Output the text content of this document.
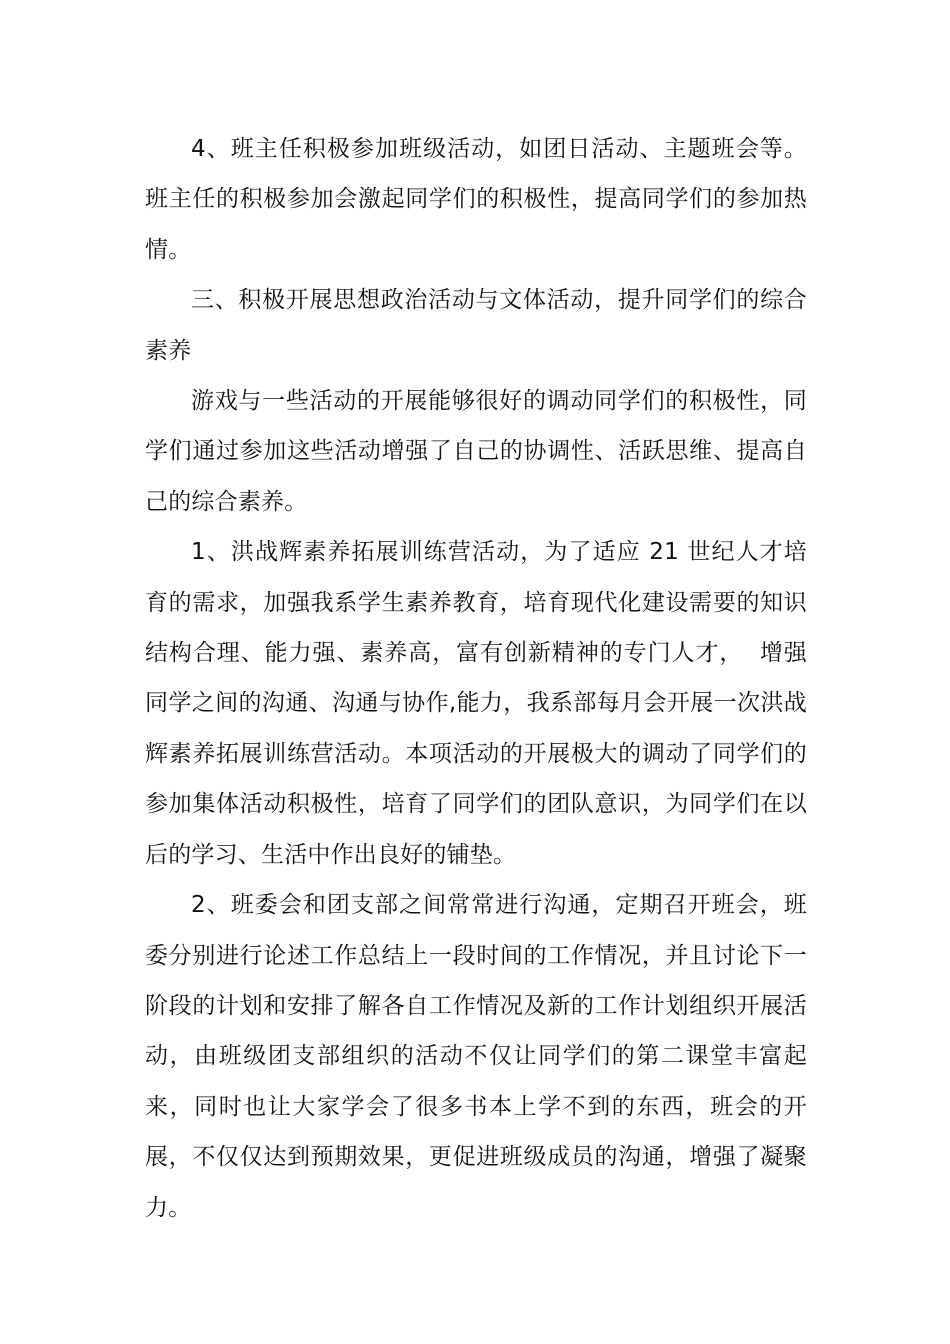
4、班主任积极参加班级活动，如团日活动、主题班会等。班主任的积极参加会激起同学们的积极性，提高同学们的参加热情。

三、积极开展思想政治活动与文体活动，提升同学们的综合素养

游戏与一些活动的开展能够很好的调动同学们的积极性，同学们通过参加这些活动增强了自己的协调性、活跃思维、提高自己的综合素养。

1、洪战辉素养拓展训练营活动，为了适应 21 世纪人才培育的需求，加强我系学生素养教育，培育现代化建设需要的知识结构合理、能力强、素养高，富有创新精神的专门人才，  增强同学之间的沟通、沟通与协作,能力，我系部每月会开展一次洪战辉素养拓展训练营活动。本项活动的开展极大的调动了同学们的参加集体活动积极性，培育了同学们的团队意识，为同学们在以后的学习、生活中作出良好的铺垫。

2、班委会和团支部之间常常进行沟通，定期召开班会，班委分别进行论述工作总结上一段时间的工作情况，并且讨论下一阶段的计划和安排了解各自工作情况及新的工作计划组织开展活动，由班级团支部组织的活动不仅让同学们的第二课堂丰富起来，同时也让大家学会了很多书本上学不到的东西，班会的开展，不仅仅达到预期效果，更促进班级成员的沟通，增强了凝聚力。
